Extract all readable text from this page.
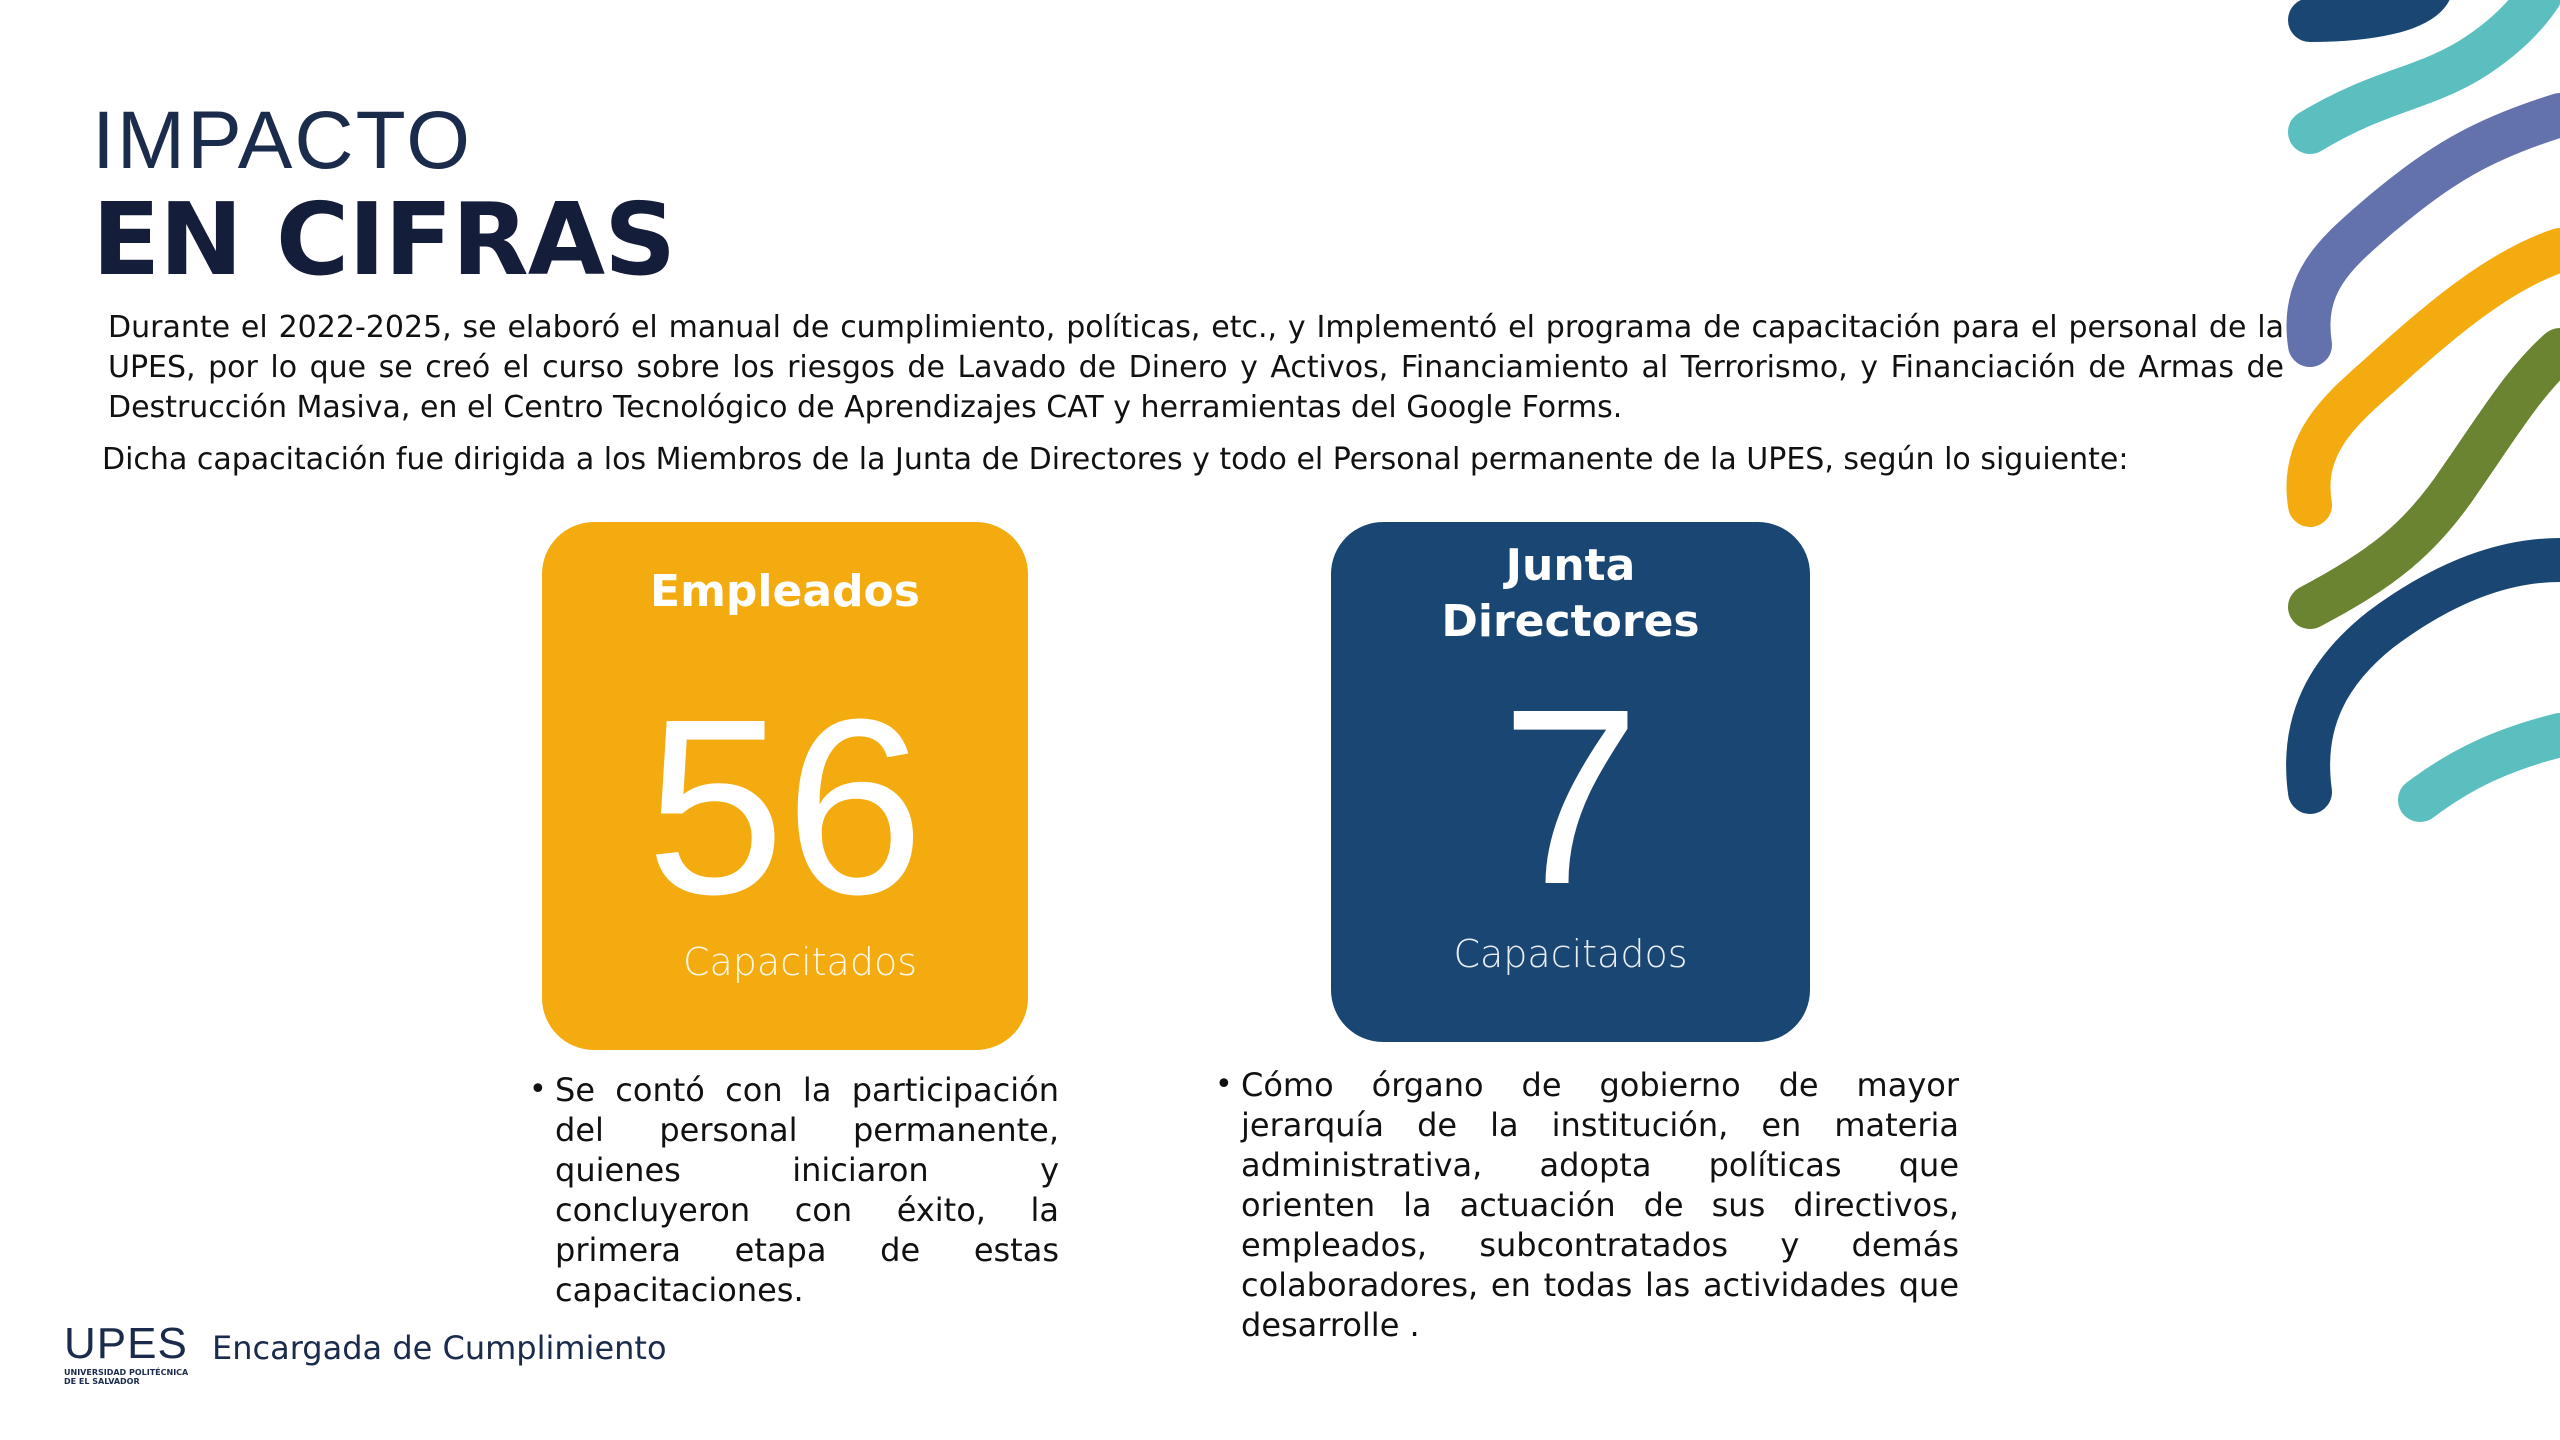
IMPACTO
EN CIFRAS
Durante el 2022-2025, se elaboró el manual de cumplimiento, políticas, etc., y Implementó el programa de capacitación para el personal de la UPES, por lo que se creó el curso sobre los riesgos de Lavado de Dinero y Activos, Financiamiento al Terrorismo, y Financiación de Armas de Destrucción Masiva, en el Centro Tecnológico de Aprendizajes CAT y herramientas del Google Forms.
Dicha capacitación fue dirigida a los Miembros de la Junta de Directores y todo el Personal permanente de la UPES, según lo siguiente:
Empleados
56
Capacitados
Junta
Directores
7
Capacitados
• Se contó con la participación del personal permanente, quienes iniciaron y concluyeron con éxito, la primera etapa de estas capacitaciones.
• Cómo órgano de gobierno de mayor jerarquía de la institución, en materia administrativa, adopta políticas que orienten la actuación de sus directivos, empleados, subcontratados y demás colaboradores, en todas las actividades que desarrolle .
UPES
UNIVERSIDAD POLITÉCNICA
DE EL SALVADOR
Encargada de Cumplimiento
